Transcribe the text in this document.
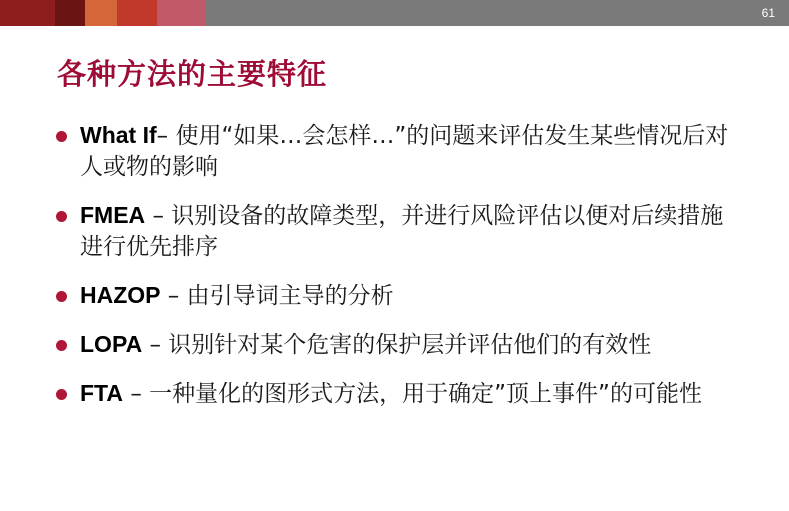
61
各种方法的主要特征
What If– 使用“如果…会怎样…”的问题来评估发生某些情况后对人或物的影响
FMEA – 识别设备的故障类型，并进行风险评估以便对后续措施进行优先排序
HAZOP – 由引导词主导的分析
LOPA – 识别针对某个危害的保护层并评估他们的有效性
FTA – 一种量化的图形式方法，用于确定”顶上事件”的可能性
